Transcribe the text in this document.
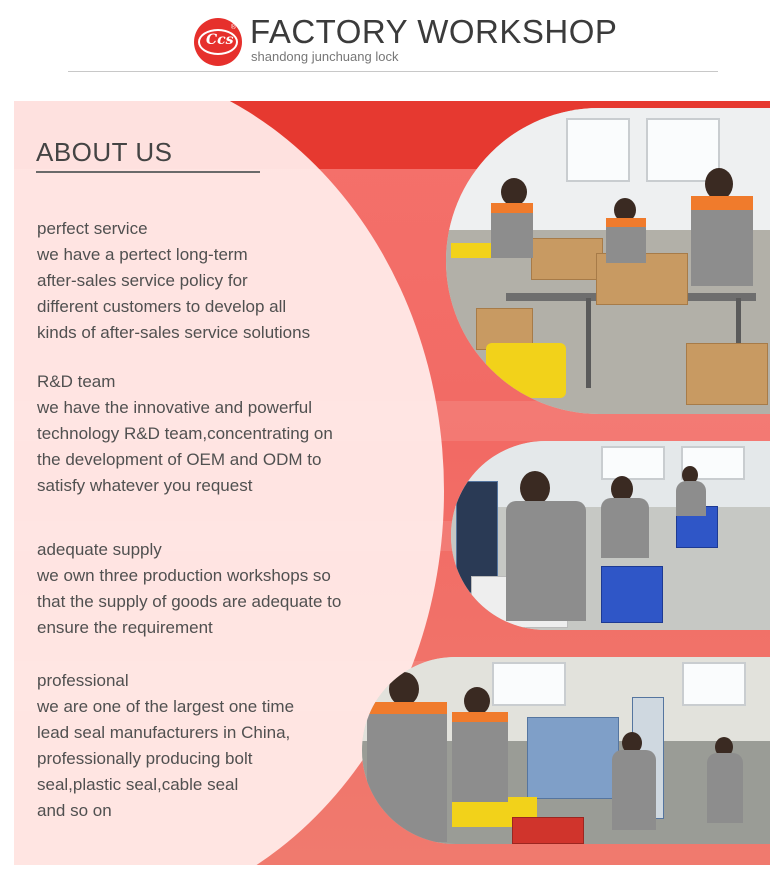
Ccs
® FACTORY WORKSHOP
shandong junchuang lock
ABOUT US
perfect service
we have a pertect long-term
after-sales service policy for
different customers to develop all
kinds of after-sales service solutions
R&D team
we have the innovative and powerful
technology R&D team,concentrating on
the development of OEM and ODM to
satisfy whatever you request
adequate supply
we own three production workshops so
that the supply of goods are adequate to
ensure the requirement
professional
we are one of the largest one time
lead seal manufacturers in China,
professionally producing bolt
seal,plastic seal,cable seal
and so on
